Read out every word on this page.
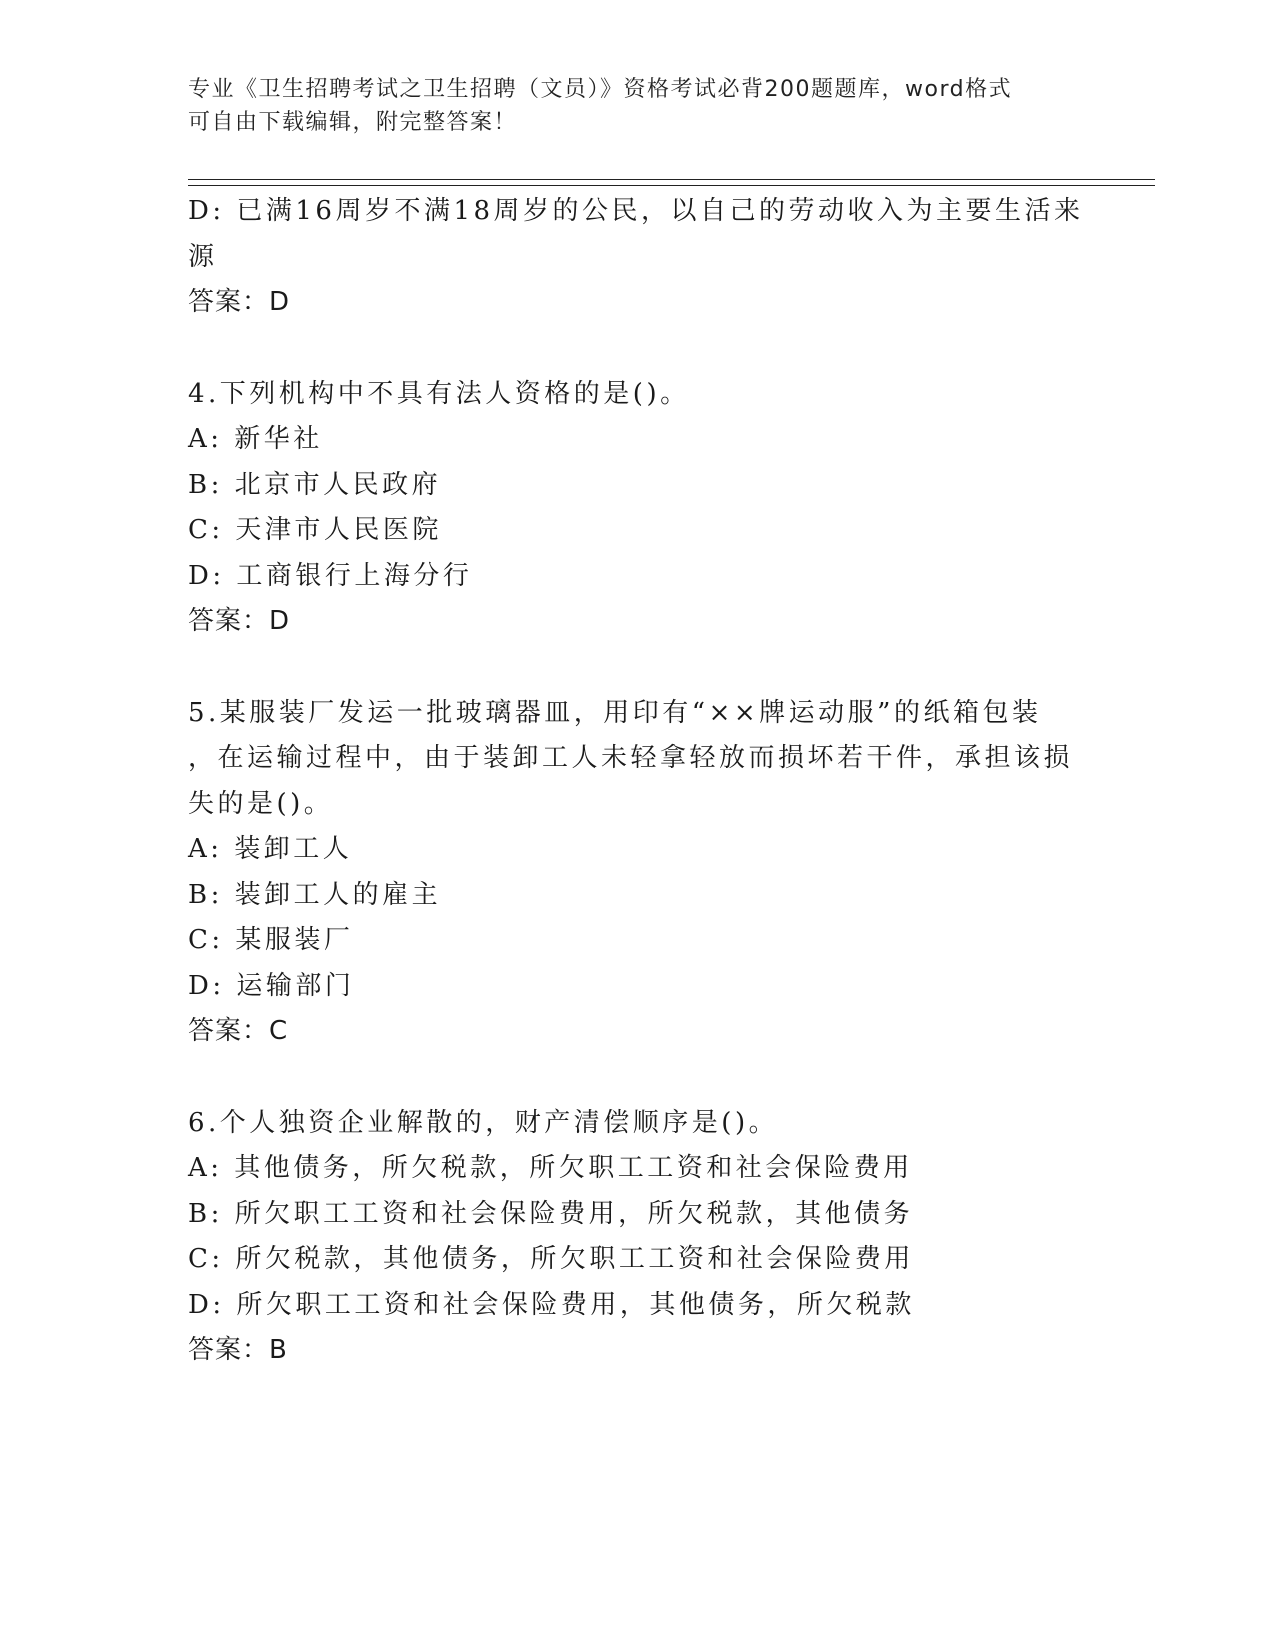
专业《卫生招聘考试之卫生招聘（文员）》资格考试必背200题题库，word格式
可自由下载编辑，附完整答案！
D: 已满16周岁不满18周岁的公民，以自己的劳动收入为主要生活来
源
答案：D
4.下列机构中不具有法人资格的是()。
A: 新华社
B: 北京市人民政府
C: 天津市人民医院
D: 工商银行上海分行
答案：D
5.某服装厂发运一批玻璃器皿，用印有“××牌运动服”的纸箱包装
，在运输过程中，由于装卸工人未轻拿轻放而损坏若干件，承担该损
失的是()。
A: 装卸工人
B: 装卸工人的雇主
C: 某服装厂
D: 运输部门
答案：C
6.个人独资企业解散的，财产清偿顺序是()。
A: 其他债务，所欠税款，所欠职工工资和社会保险费用
B: 所欠职工工资和社会保险费用，所欠税款，其他债务
C: 所欠税款，其他债务，所欠职工工资和社会保险费用
D: 所欠职工工资和社会保险费用，其他债务，所欠税款
答案：B
